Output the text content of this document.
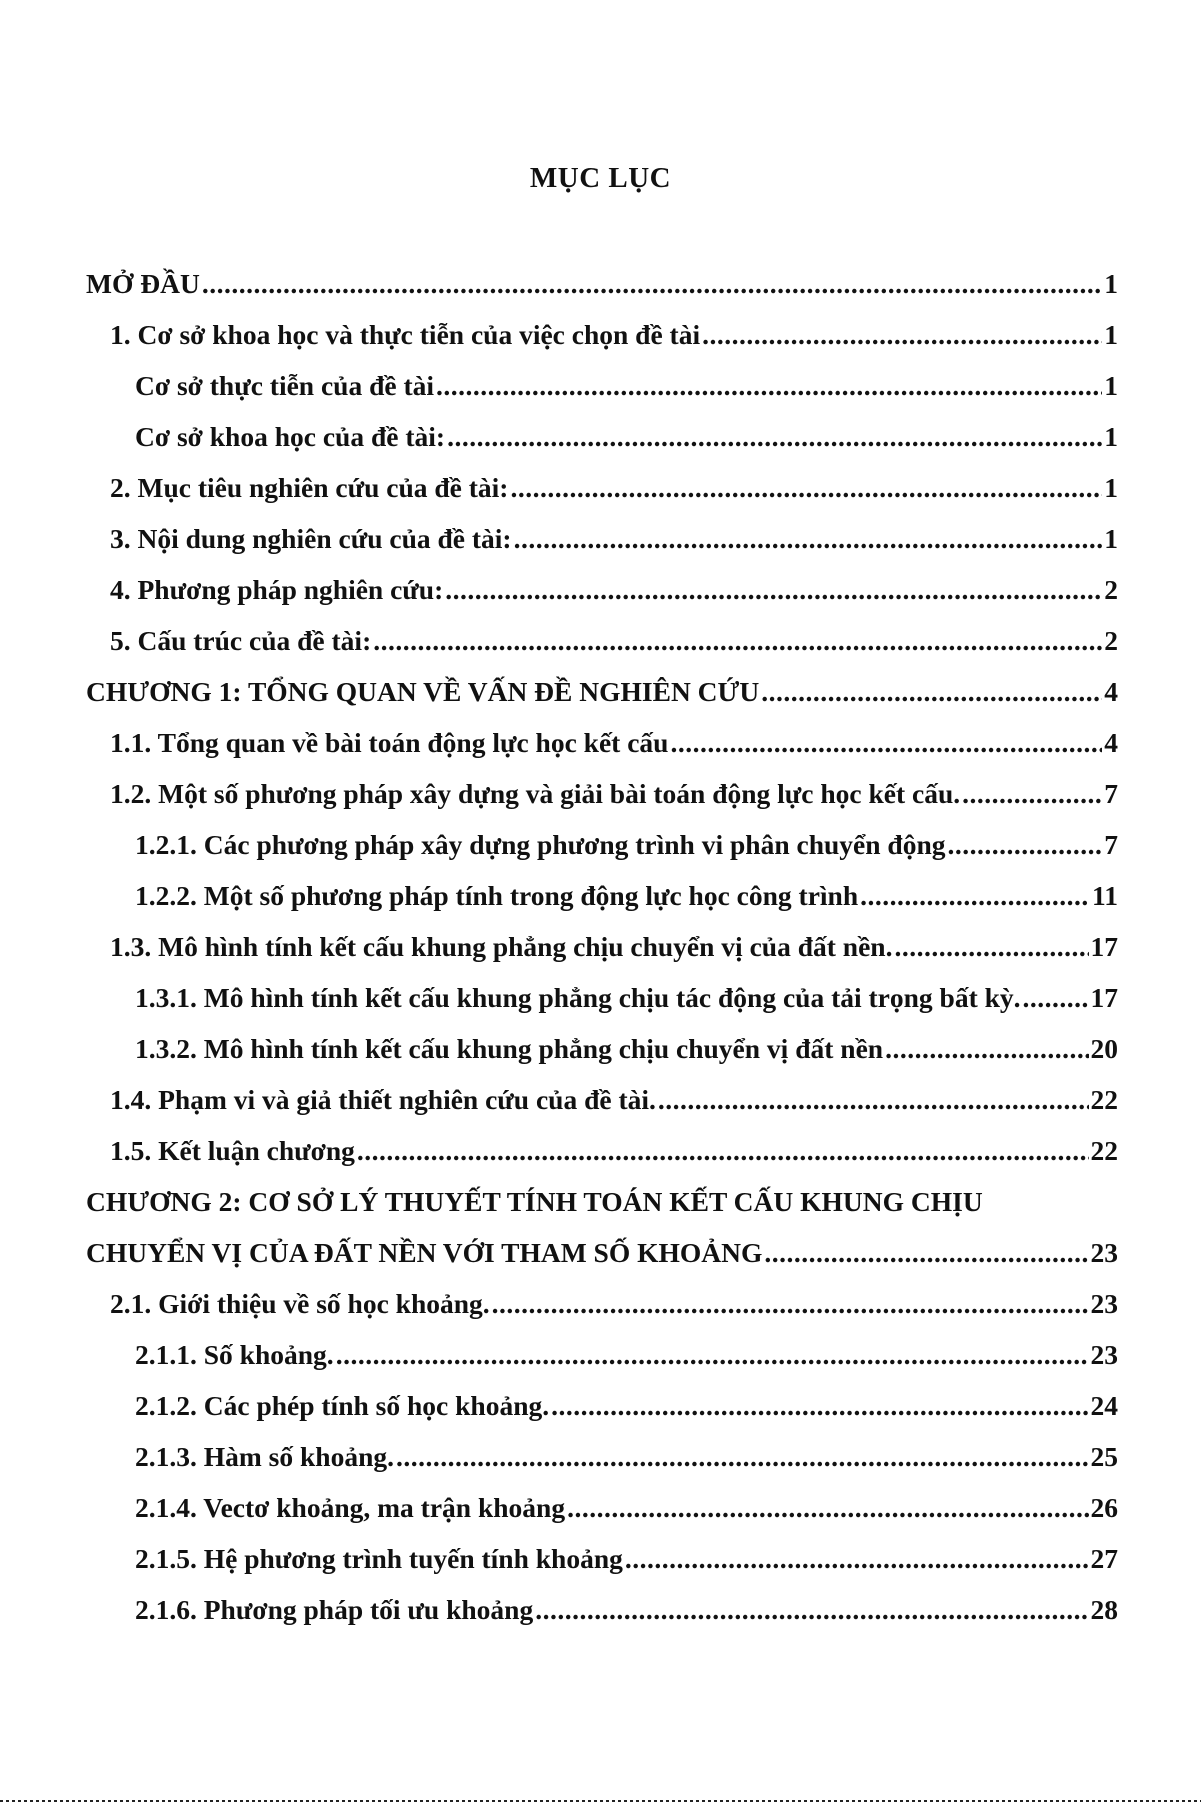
MỤC LỤC
MỞ ĐẦU .....	1
1. Cơ sở khoa học và thực tiễn của việc chọn đề tài .....	1
Cơ sở thực tiễn của đề tài .....	1
Cơ sở khoa học của đề tài: .....	1
2. Mục tiêu nghiên cứu của đề tài: .....	1
3. Nội dung nghiên cứu của đề tài: .....	1
4. Phương pháp nghiên cứu: .....	2
5. Cấu trúc của đề tài: .....	2
CHƯƠNG 1: TỔNG QUAN VỀ VẤN ĐỀ NGHIÊN CỨU .....	4
1.1. Tổng quan về bài toán động lực học kết cấu .....	4
1.2. Một số phương pháp xây dựng và giải bài toán động lực học kết cấu. .....	7
1.2.1. Các phương pháp xây dựng phương trình vi phân chuyển động .....	7
1.2.2. Một số phương pháp tính trong động lực học công trình .....	11
1.3. Mô hình tính kết cấu khung phẳng chịu chuyển vị của đất nền. .....	17
1.3.1. Mô hình tính kết cấu khung phẳng chịu tác động của tải trọng bất kỳ. .....	17
1.3.2. Mô hình tính kết cấu khung phẳng chịu chuyển vị đất nền .....	20
1.4. Phạm vi và giả thiết nghiên cứu của đề tài. .....	22
1.5. Kết luận chương .....	22
CHƯƠNG 2: CƠ SỞ LÝ THUYẾT TÍNH TOÁN KẾT CẤU KHUNG CHỊU
CHUYỂN VỊ CỦA ĐẤT NỀN VỚI THAM SỐ KHOẢNG .....	23
2.1. Giới thiệu về số học khoảng. .....	23
2.1.1. Số khoảng. .....	23
2.1.2. Các phép tính số học khoảng. .....	24
2.1.3. Hàm số khoảng. .....	25
2.1.4. Vectơ khoảng, ma trận khoảng .....	26
2.1.5. Hệ phương trình tuyến tính khoảng .....	27
2.1.6. Phương pháp tối ưu khoảng .....	28
